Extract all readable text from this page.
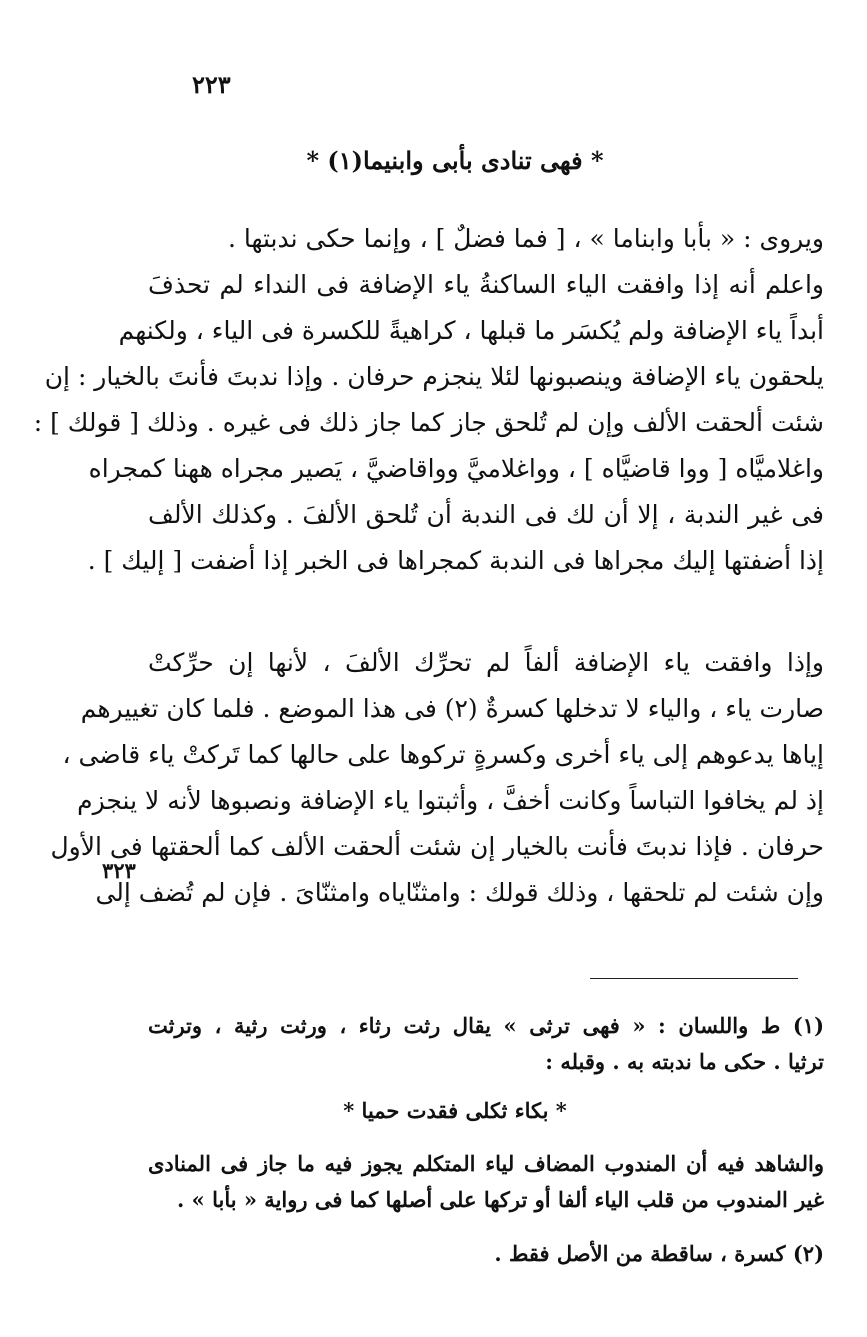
٢٢٣
* فهى تنادى بأبى وابنيما(١) *
ويروى : « بأبا وابناما » ، [ فما فضلٌ ] ، وإنما حكى ندبتها .
واعلم أنه إذا وافقت الياء الساكنةُ ياء الإضافة فى النداء لم تحذفَ
أبداً ياء الإضافة ولم يُكسَر ما قبلها ، كراهيةً للكسرة فى الياء ، ولكنهم
يلحقون ياء الإضافة وينصبونها لئلا ينجزم حرفان . وإذا ندبتَ فأنتَ بالخيار : إن
شئت ألحقت الألف وإن لم تُلحق جاز كما جاز ذلك فى غيره . وذلك [ قولك ] :
واغلاميَّاه [ ووا قاضيَّاه ] ، وواغلاميَّ وواقاضيَّ ، يَصير مجراه ههنا كمجراه
فى غير الندبة ، إلا أن لك فى الندبة أن تُلحق الألفَ . وكذلك الألف
إذا أضفتها إليك مجراها فى الندبة كمجراها فى الخبر إذا أضفت [ إليك ] .
وإذا وافقت ياء الإضافة ألفاً لم تحرِّك الألفَ ، لأنها إن حرِّكتْ
صارت ياء ، والياء لا تدخلها كسرةٌ (٢) فى هذا الموضع . فلما كان تغييرهم
إياها يدعوهم إلى ياء أخرى وكسرةٍ تركوها على حالها كما تَركتْ ياء قاضى ،
إذ لم يخافوا التباساً وكانت أخفَّ ، وأثبتوا ياء الإضافة ونصبوها لأنه لا ينجزم
حرفان . فإذا ندبتَ فأنت بالخيار إن شئت ألحقت الألف كما ألحقتها فى الأول
وإن شئت لم تلحقها ، وذلك قولك : وامثنّاياه وامثنّاىَ . فإن لم تُضف إلى
٣٢٣
(١) ط واللسان : « فهى ترثى » يقال رثت رثاء ، ورثت رثية ، وترثت
ترثيا . حكى ما ندبته به . وقبله :
* بكاء ثكلى فقدت حميا *
والشاهد فيه أن المندوب المضاف لياء المتكلم يجوز فيه ما جاز فى المنادى
غير المندوب من قلب الياء ألفا أو تركها على أصلها كما فى رواية « بأبا » .
(٢) كسرة ، ساقطة من الأصل فقط .
